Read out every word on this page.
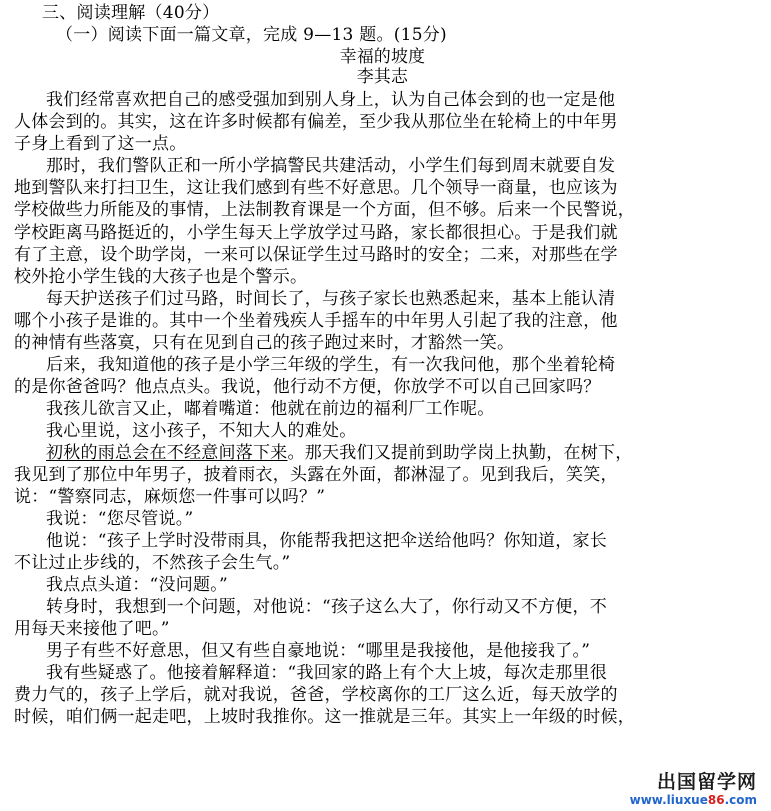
三、阅读理解（40分）
（一）阅读下面一篇文章，完成 9—13 题。(15分)
幸福的坡度
李其志
我们经常喜欢把自己的感受强加到别人身上，认为自己体会到的也一定是他
人体会到的。其实，这在许多时候都有偏差，至少我从那位坐在轮椅上的中年男
子身上看到了这一点。
那时，我们警队正和一所小学搞警民共建活动，小学生们每到周末就要自发
地到警队来打扫卫生，这让我们感到有些不好意思。几个领导一商量，也应该为
学校做些力所能及的事情，上法制教育课是一个方面，但不够。后来一个民警说，
学校距离马路挺近的，小学生每天上学放学过马路，家长都很担心。于是我们就
有了主意，设个助学岗，一来可以保证学生过马路时的安全；二来，对那些在学
校外抢小学生钱的大孩子也是个警示。
每天护送孩子们过马路，时间长了，与孩子家长也熟悉起来，基本上能认清
哪个小孩子是谁的。其中一个坐着残疾人手摇车的中年男人引起了我的注意，他
的神情有些落寞，只有在见到自己的孩子跑过来时，才豁然一笑。
后来，我知道他的孩子是小学三年级的学生，有一次我问他，那个坐着轮椅
的是你爸爸吗？他点点头。我说，他行动不方便，你放学不可以自己回家吗？
我孩儿欲言又止，嘟着嘴道：他就在前边的福利厂工作呢。
我心里说，这小孩子，不知大人的难处。
初秋的雨总会在不经意间落下来。那天我们又提前到助学岗上执勤，在树下，
我见到了那位中年男子，披着雨衣，头露在外面，都淋湿了。见到我后，笑笑，
说：“警察同志，麻烦您一件事可以吗？”
我说：“您尽管说。”
他说：“孩子上学时没带雨具，你能帮我把这把伞送给他吗？你知道，家长
不让过止步线的，不然孩子会生气。”
我点点头道：“没问题。”
转身时，我想到一个问题，对他说：“孩子这么大了，你行动又不方便，不
用每天来接他了吧。”
男子有些不好意思，但又有些自豪地说：“哪里是我接他，是他接我了。”
我有些疑惑了。他接着解释道：“我回家的路上有个大上坡，每次走那里很
费力气的，孩子上学后，就对我说，爸爸，学校离你的工厂这么近，每天放学的
时候，咱们俩一起走吧，上坡时我推你。这一推就是三年。其实上一年级的时候，
出国留学网
www.liuxue86.com
